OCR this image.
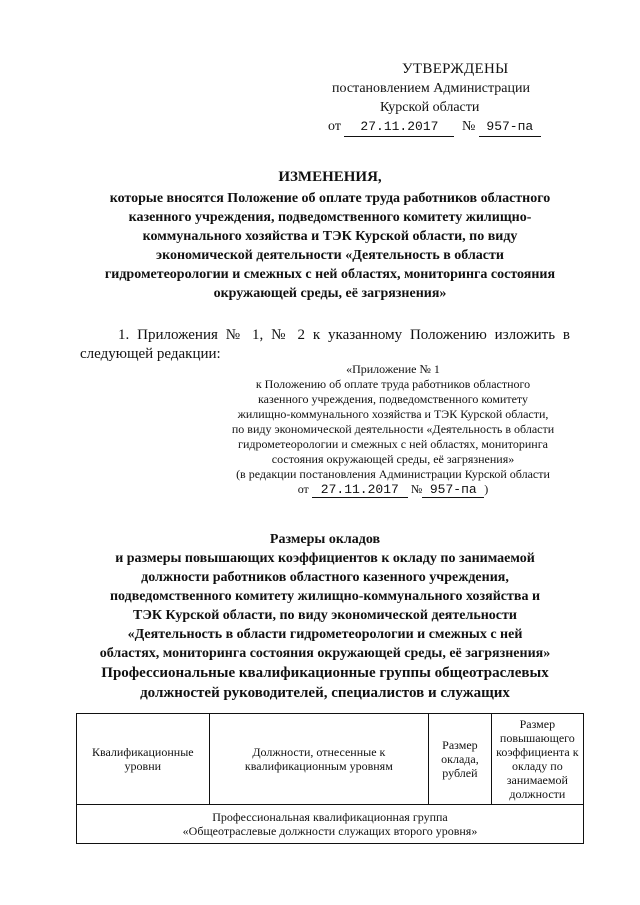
УТВЕРЖДЕНЫ
постановлением Администрации
Курской области
от 27.11.2017 № 957-па
ИЗМЕНЕНИЯ,
которые вносятся Положение об оплате труда работников областного
казенного учреждения, подведомственного комитету жилищно-
коммунального хозяйства и ТЭК Курской области, по виду
экономической деятельности «Деятельность в области
гидрометеорологии и смежных с ней областях, мониторинга состояния
окружающей среды, её загрязнения»
1. Приложения № 1, № 2 к указанному Положению изложить в
следующей редакции:
«Приложение № 1
к Положению об оплате труда работников областного
казенного учреждения, подведомственного комитету
жилищно-коммунального хозяйства и ТЭК Курской области,
по виду экономической деятельности «Деятельность в области
гидрометеорологии и смежных с ней областях, мониторинга
состояния окружающей среды, её загрязнения»
(в редакции постановления Администрации Курской области
от 27.11.2017 № 957-па )
Размеры окладов
и размеры повышающих коэффициентов к окладу по занимаемой
должности работников областного казенного учреждения,
подведомственного комитету жилищно-коммунального хозяйства и
ТЭК Курской области, по виду экономической деятельности
«Деятельность в области гидрометеорологии и смежных с ней
областях, мониторинга состояния окружающей среды, её загрязнения»
Профессиональные квалификационные группы общеотраслевых
должностей руководителей, специалистов и служащих
Квалификационные уровни	Должности, отнесенные к квалификационным уровням	Размер оклада, рублей	Размер повышающего коэффициента к окладу по занимаемой должности

Профессиональная квалификационная группа
«Общеотраслевые должности служащих второго уровня»
